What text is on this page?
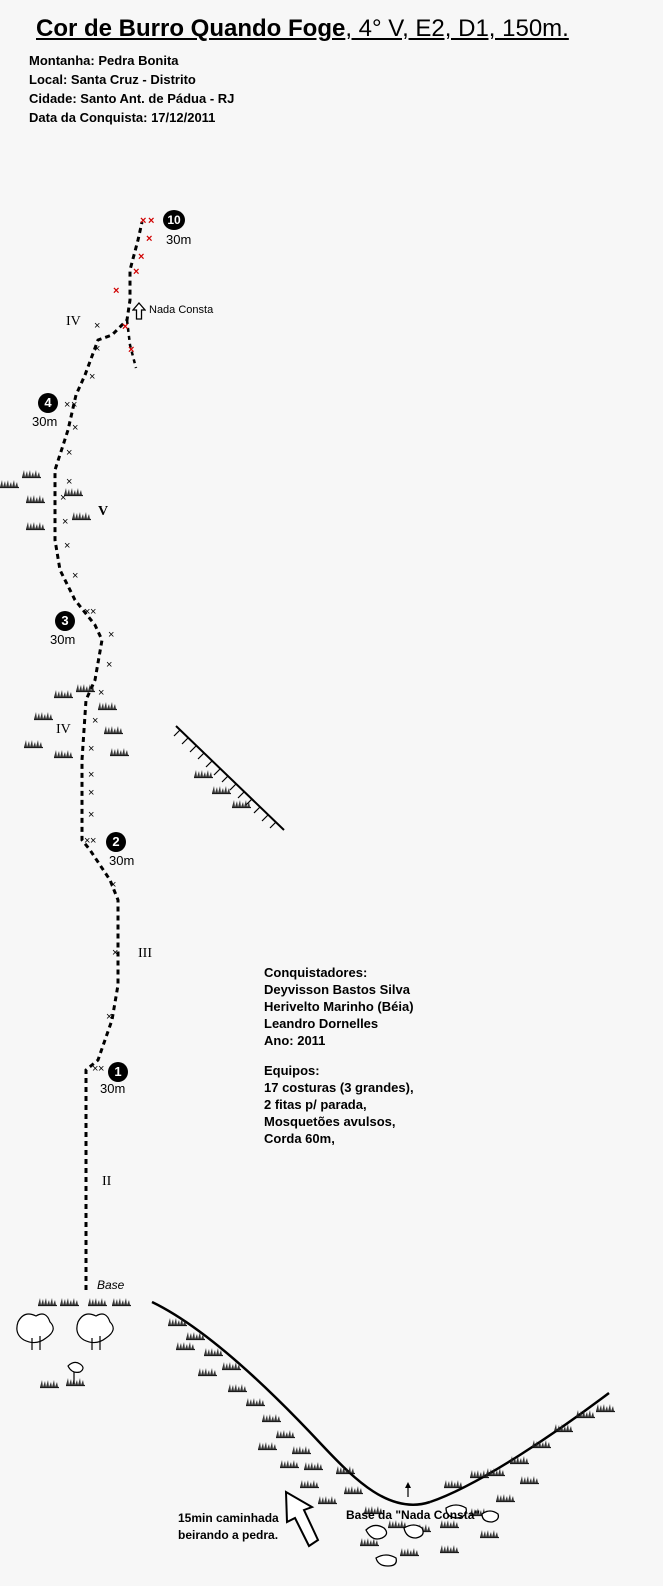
Cor de Burro Quando Foge, 4° V, E2, D1, 150m.
Montanha: Pedra Bonita
Local: Santa Cruz - Distrito
Cidade: Santo Ant. de Pádua - RJ
Data da Conquista: 17/12/2011
× ×
×
×
×
× ×
×
×
×
×
×
×
×
×
× ×
×
×
×
×
×
×
×
× ×
×
×
×
×
×
×
×
×
×
× ×
1
30m
2
30m
3
30m
4
30m
10
30m
II
III
IV
V
IV
Nada Consta
Base
Base da "Nada Consta"
15min caminhada
beirando a pedra.
Conquistadores:
Deyvisson Bastos Silva
Herivelto Marinho (Béia)
Leandro Dornelles
Ano: 2011
Equipos:
17 costuras (3 grandes),
2 fitas p/ parada,
Mosquetões avulsos,
Corda 60m,
